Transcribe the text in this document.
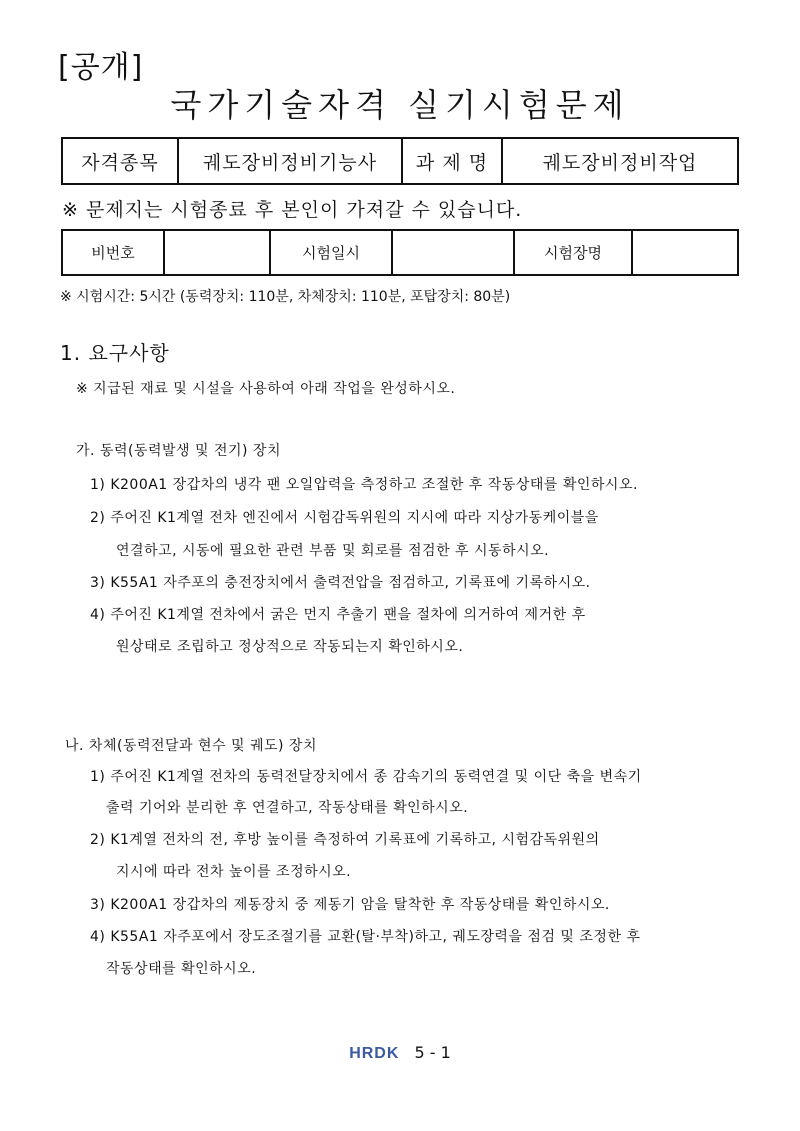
[공개]
국가기술자격 실기시험문제
자격종목	궤도장비정비기능사	과 제 명	궤도장비정비작업
※ 문제지는 시험종료 후 본인이 가져갈 수 있습니다.
비번호		시험일시		시험장명	
※ 시험시간: 5시간 (동력장치: 110분, 차체장치: 110분, 포탑장치: 80분)
1. 요구사항
※ 지급된 재료 및 시설을 사용하여 아래 작업을 완성하시오.
가. 동력(동력발생 및 전기) 장치
1) K200A1 장갑차의 냉각 팬 오일압력을 측정하고 조절한 후 작동상태를 확인하시오.
2) 주어진 K1계열 전차 엔진에서 시험감독위원의 지시에 따라 지상가동케이블을
연결하고, 시동에 필요한 관련 부품 및 회로를 점검한 후 시동하시오.
3) K55A1 자주포의 충전장치에서 출력전압을 점검하고, 기록표에 기록하시오.
4) 주어진 K1계열 전차에서 굵은 먼지 추출기 팬을 절차에 의거하여 제거한 후
원상태로 조립하고 정상적으로 작동되는지 확인하시오.
나. 차체(동력전달과 현수 및 궤도) 장치
1) 주어진 K1계열 전차의 동력전달장치에서 종 감속기의 동력연결 및 이단 축을 변속기
출력 기어와 분리한 후 연결하고, 작동상태를 확인하시오.
2) K1계열 전차의 전, 후방 높이를 측정하여 기록표에 기록하고, 시험감독위원의
지시에 따라 전차 높이를 조정하시오.
3) K200A1 장갑차의 제동장치 중 제동기 암을 탈착한 후 작동상태를 확인하시오.
4) K55A1 자주포에서 장도조절기를 교환(탈·부착)하고, 궤도장력을 점검 및 조정한 후
작동상태를 확인하시오.
HRDK 5 - 1
